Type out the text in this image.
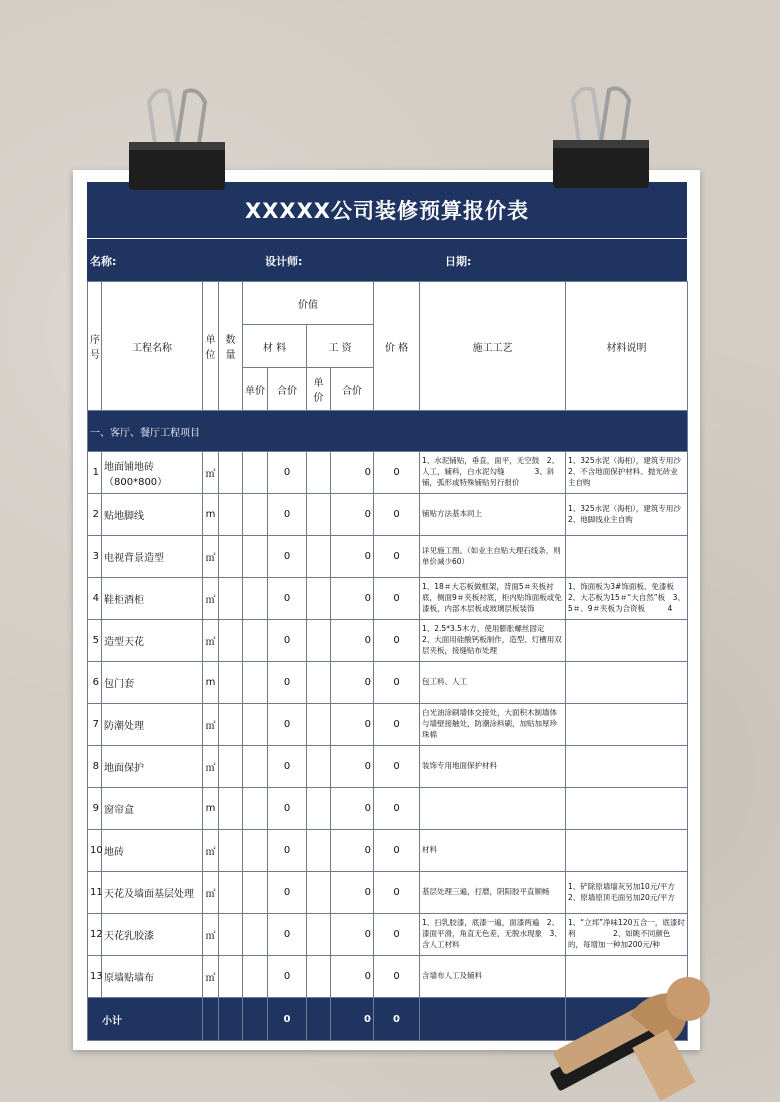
XXXXX公司装修预算报价表
名称:	设计师:	日期:
序号	工程名称	单位	数量	价值				价 格	施工工艺	材料说明
				材 料		工 资				
				单价	合价	单价	合价			
一、客厅、餐厅工程项目										
1	地面铺地砖（800*800）	㎡			0		0	0	1、水泥铺贴，垂直，面平，无空鼓　2、人工，辅料，白水泥勾缝　　　　3、斜铺，弧形或特殊铺贴另行报价	1、325水泥（海柏），建筑专用沙　2、不含地面保护材料、抛光砖业主自购
2	贴地脚线	m			0		0	0	铺贴方法基本同上	1、325水泥（海柏），建筑专用沙　2、地脚线业主自购
3	电视背景造型	㎡			0		0	0	详见施工图。（如业主自贴大理石线条，则单价减少60）	
4	鞋柜酒柜	㎡			0		0	0	1、18＃大芯板做框架，背面5＃夹板衬底，侧面9＃夹板衬底，柜内贴饰面板或免漆板，内部木层板或玻璃层板装饰	1、饰面板为3#饰面板、免漆板　2、大芯板为15＃“大自然”板　3、5＃、9＃夹板为合资板　　　4
5	造型天花	㎡			0		0	0	1、2.5*3.5木方，使用膨胀螺丝固定　2、大面用硅酸钙板制作，造型、灯槽用双层夹板，接缝贴布处理	
6	包门套	m			0		0	0	包工料、人工	
7	防潮处理	㎡			0		0	0	白光油涂刷墙体交接处，大面积木制墙体与墙壁接触处，防潮涂料刷，加贴加厚珍珠棉	
8	地面保护	㎡			0		0	0	装饰专用地面保护材料	
9	窗帘盒	m			0		0	0		
10	地砖	㎡			0		0	0	材料	
11	天花及墙面基层处理	㎡			0		0	0	基层处理三遍，打磨，阴阳胶平直顺畅	1、铲除原墙墙灰另加10元/平方　2、原墙原顶毛面另加20元/平方
12	天花乳胶漆	㎡			0		0	0	1、扫乳胶漆，底漆一遍，面漆两遍　2、漆面平滑，角直无色差，无脱水现象　3、含人工材料	1、“立邦”净味120五合一，底漆时利　　　　　2、如眺不同颜色的，每增加一种加200元/种
13	原墙贴墙布	㎡			0		0	0	含墙布人工及辅料	
小计					0		0	0		
